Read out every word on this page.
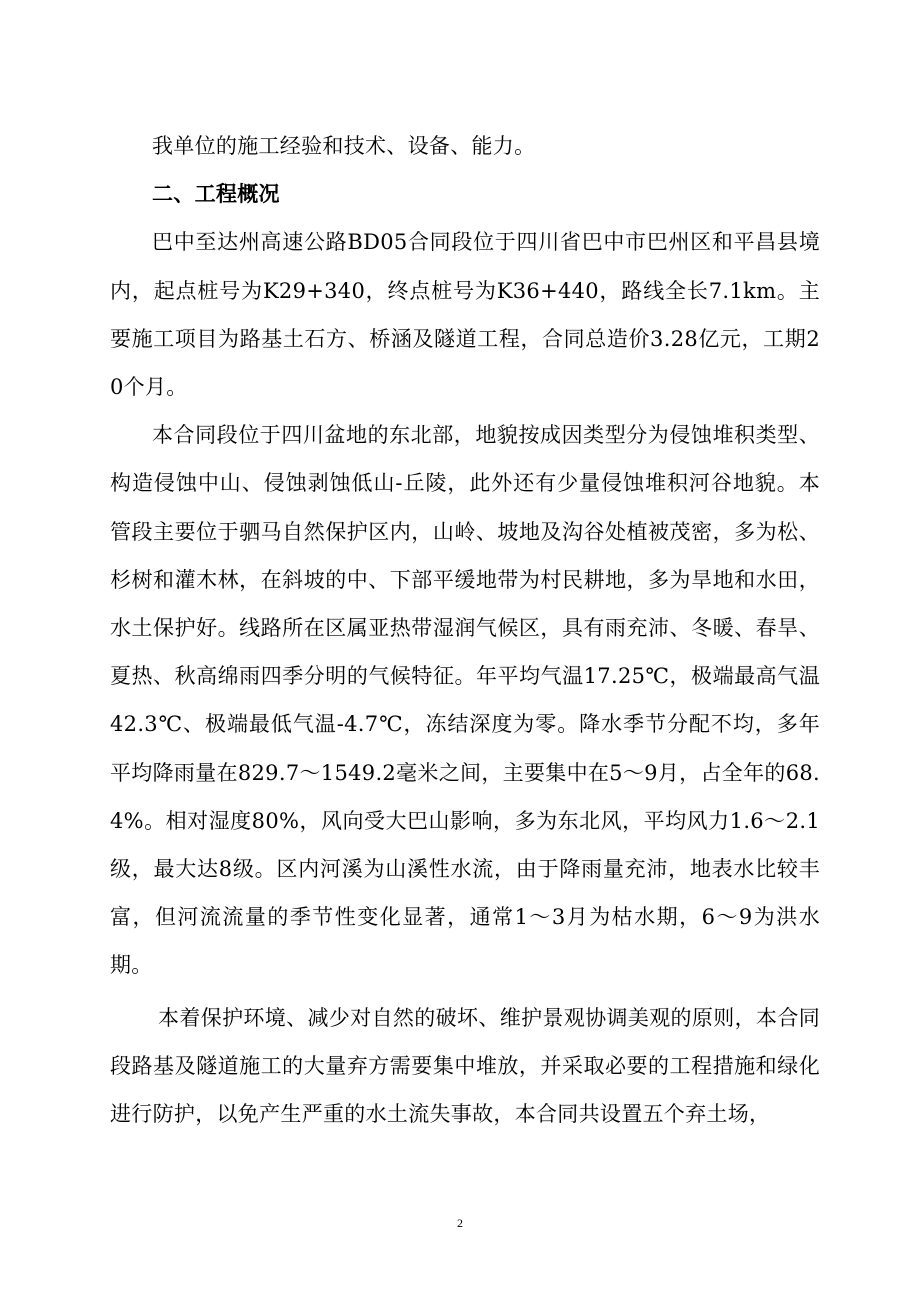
我单位的施工经验和技术、设备、能力。

二、工程概况

巴中至达州高速公路BD05合同段位于四川省巴中市巴州区和平昌县境内，起点桩号为K29+340，终点桩号为K36+440，路线全长7.1km。主要施工项目为路基土石方、桥涵及隧道工程，合同总造价3.28亿元，工期20个月。

本合同段位于四川盆地的东北部，地貌按成因类型分为侵蚀堆积类型、构造侵蚀中山、侵蚀剥蚀低山-丘陵，此外还有少量侵蚀堆积河谷地貌。本管段主要位于驷马自然保护区内，山岭、坡地及沟谷处植被茂密，多为松、杉树和灌木林，在斜坡的中、下部平缓地带为村民耕地，多为旱地和水田，水土保护好。线路所在区属亚热带湿润气候区，具有雨充沛、冬暖、春旱、夏热、秋高绵雨四季分明的气候特征。年平均气温17.25℃，极端最高气温42.3℃、极端最低气温-4.7℃，冻结深度为零。降水季节分配不均，多年平均降雨量在829.7～1549.2毫米之间，主要集中在5～9月，占全年的68.4%。相对湿度80%，风向受大巴山影响，多为东北风，平均风力1.6～2.1级，最大达8级。区内河溪为山溪性水流，由于降雨量充沛，地表水比较丰富，但河流流量的季节性变化显著，通常1～3月为枯水期，6～9为洪水期。

本着保护环境、减少对自然的破坏、维护景观协调美观的原则，本合同段路基及隧道施工的大量弃方需要集中堆放，并采取必要的工程措施和绿化进行防护，以免产生严重的水土流失事故，本合同共设置五个弃土场，

2
